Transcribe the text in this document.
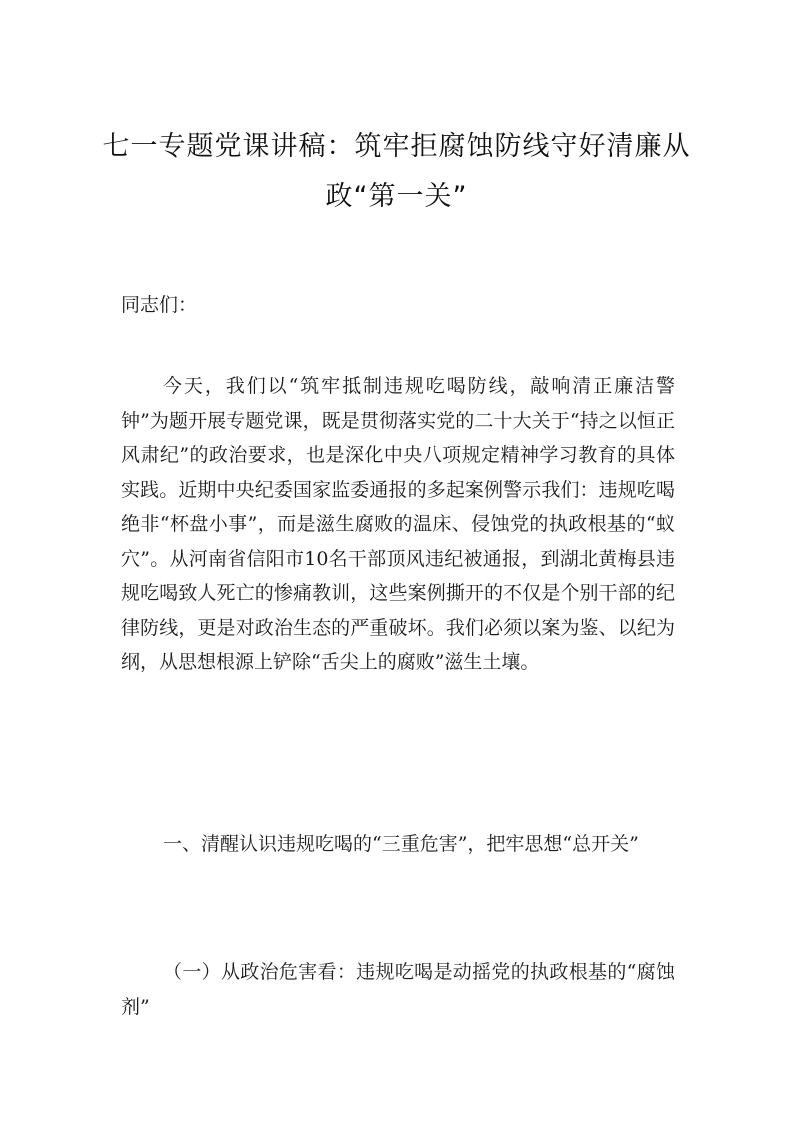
七一专题党课讲稿：筑牢拒腐蚀防线守好清廉从政“第一关”

同志们：

今天，我们以“筑牢抵制违规吃喝防线，敲响清正廉洁警钟”为题开展专题党课，既是贯彻落实党的二十大关于“持之以恒正风肃纪”的政治要求，也是深化中央八项规定精神学习教育的具体实践。近期中央纪委国家监委通报的多起案例警示我们：违规吃喝绝非“杯盘小事”，而是滋生腐败的温床、侵蚀党的执政根基的“蚁穴”。从河南省信阳市10名干部顶风违纪被通报，到湖北黄梅县违规吃喝致人死亡的惨痛教训，这些案例撕开的不仅是个别干部的纪律防线，更是对政治生态的严重破坏。我们必须以案为鉴、以纪为纲，从思想根源上铲除“舌尖上的腐败”滋生土壤。

一、清醒认识违规吃喝的“三重危害”，把牢思想“总开关”

（一）从政治危害看：违规吃喝是动摇党的执政根基的“腐蚀剂”
